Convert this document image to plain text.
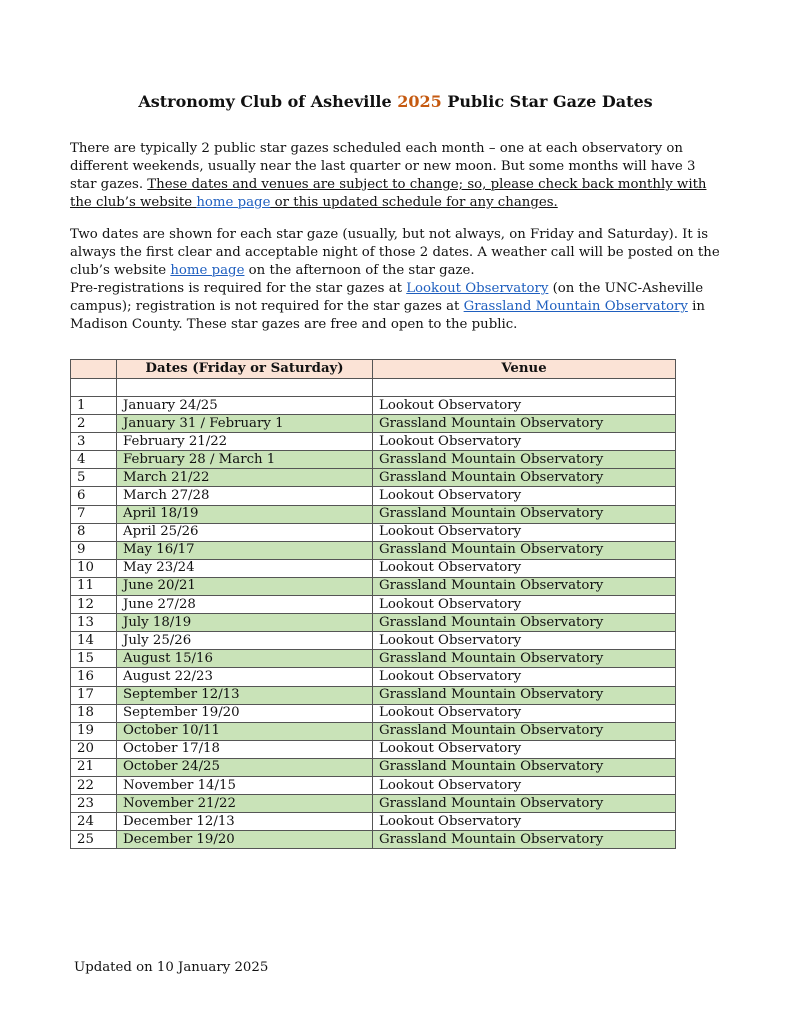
Astronomy Club of Asheville 2025 Public Star Gaze Dates

There are typically 2 public star gazes scheduled each month – one at each observatory on different weekends, usually near the last quarter or new moon. But some months will have 3 star gazes. These dates and venues are subject to change; so, please check back monthly with the club’s website home page or this updated schedule for any changes.

Two dates are shown for each star gaze (usually, but not always, on Friday and Saturday). It is always the first clear and acceptable night of those 2 dates. A weather call will be posted on the club’s website home page on the afternoon of the star gaze.
Pre-registrations is required for the star gazes at Lookout Observatory (on the UNC-Asheville campus); registration is not required for the star gazes at Grassland Mountain Observatory in Madison County. These star gazes are free and open to the public.

	Dates (Friday or Saturday)	Venue

1	January 24/25	Lookout Observatory
2	January 31 / February 1	Grassland Mountain Observatory
3	February 21/22	Lookout Observatory
4	February 28 / March 1	Grassland Mountain Observatory
5	March 21/22	Grassland Mountain Observatory
6	March 27/28	Lookout Observatory
7	April 18/19	Grassland Mountain Observatory
8	April 25/26	Lookout Observatory
9	May 16/17	Grassland Mountain Observatory
10	May 23/24	Lookout Observatory
11	June 20/21	Grassland Mountain Observatory
12	June 27/28	Lookout Observatory
13	July 18/19	Grassland Mountain Observatory
14	July 25/26	Lookout Observatory
15	August 15/16	Grassland Mountain Observatory
16	August 22/23	Lookout Observatory
17	September 12/13	Grassland Mountain Observatory
18	September 19/20	Lookout Observatory
19	October 10/11	Grassland Mountain Observatory
20	October 17/18	Lookout Observatory
21	October 24/25	Grassland Mountain Observatory
22	November 14/15	Lookout Observatory
23	November 21/22	Grassland Mountain Observatory
24	December 12/13	Lookout Observatory
25	December 19/20	Grassland Mountain Observatory
Updated on 10 January 2025
